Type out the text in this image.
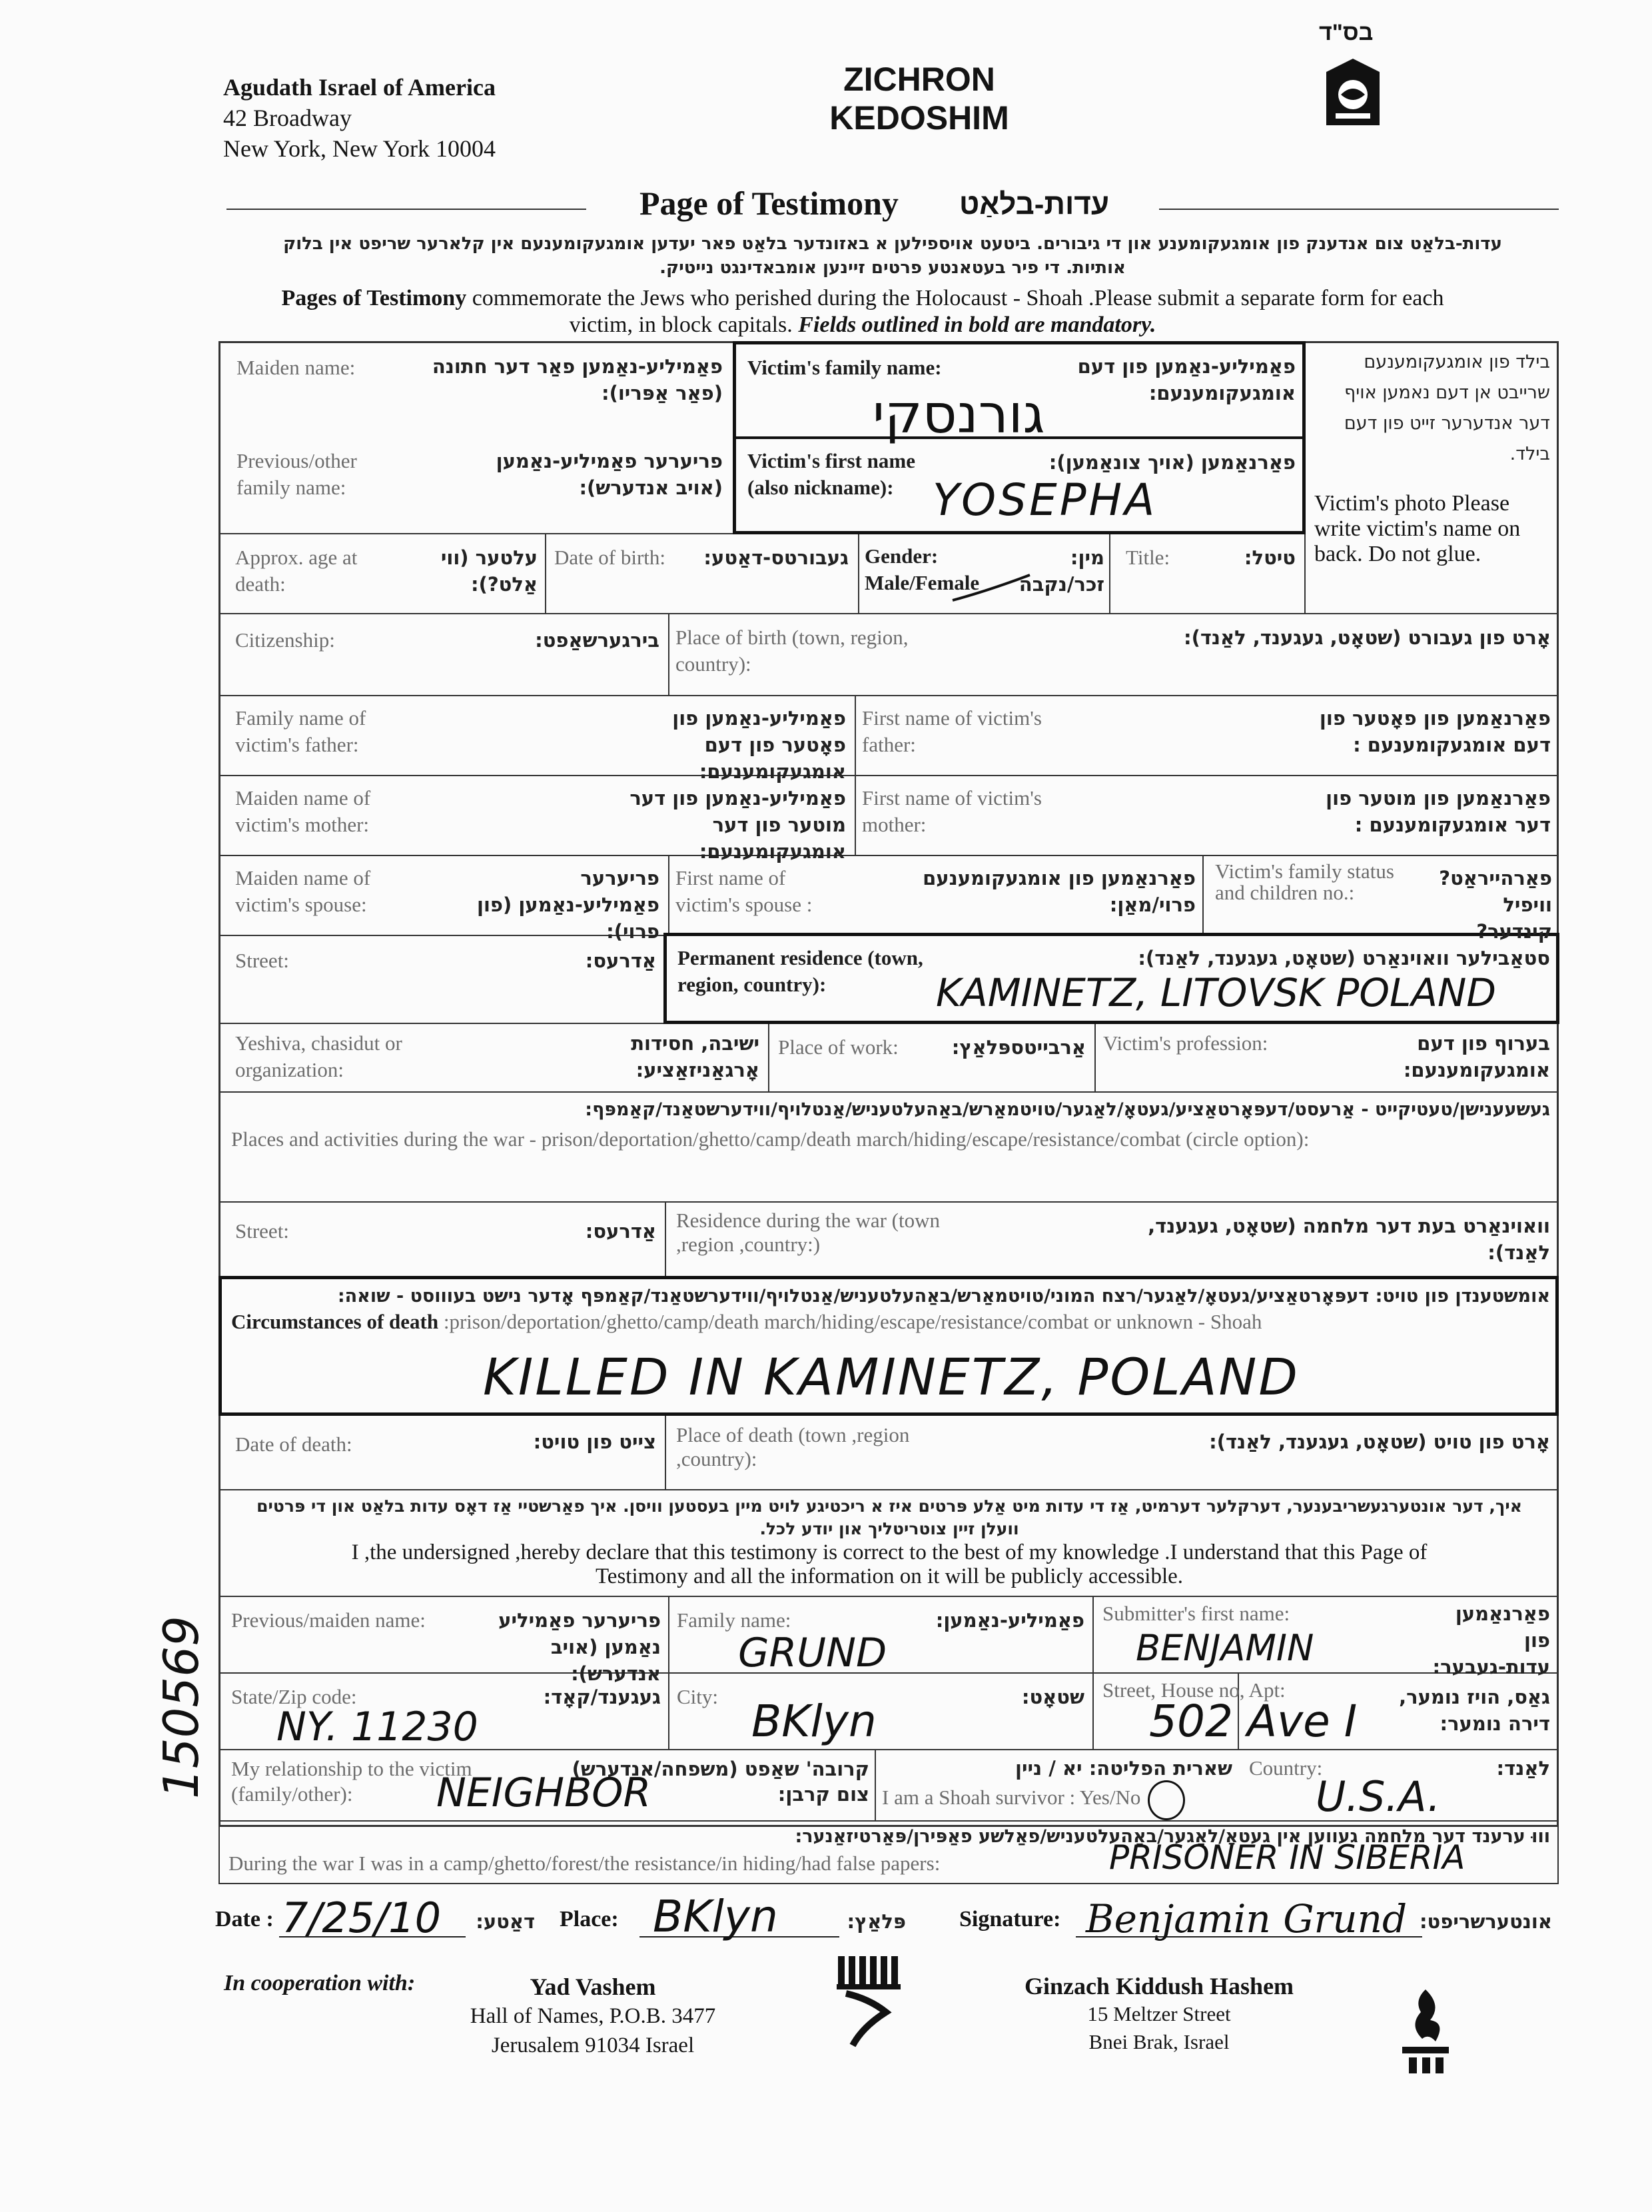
Agudath Israel of America
42 Broadway
New York, New York 10004
ZICHRON
KEDOSHIM
בס"ד
Page of Testimony עדות-בלאַט
עדות-בלאַט צום אנדענק פון אומגעקומענע און די גיבורים. ביטעט אויספילען א באזונדער בלאַט פאר יעדען אומגעקומענעם אין קלארער שריפט אין בלוק
אותיות. די פיר בעטאנטע פרטים זיינען אומבאדינגט נייטיק.
Pages of Testimony commemorate the Jews who perished during the Holocaust - Shoah .Please submit a separate form for each
victim, in block capitals. Fields outlined in bold are mandatory.
Maiden name:	פאַמיליע-נאַמען פאַר דער חתונה (פאַר אַפּריו):
Victim's family name:	פאַמיליע-נאַמען פון דעם אומגעקומענעם:
גורנסקי
Previous/other family name:
פריערער פאַמיליע-נאַמען (אויב אנדערש):
Victim's first name (also nickname):
פאַרנאַמען (אויך צונאַמען):
YOSEPHA
בילד פון אומגעקומענעם שרייבט אן דעם נאמען אויף דער אנדערער זייט פון דעם בילד.
Victim's photo Please write victim's name on back. Do not glue.
Approx. age at death:
עלטער (ווי אַלט?):
Date of birth: געבורטס-דאַטע: Gender:
Male/Female
מין: זכר/נקבה
Title:	טיטל:
Citizenship:	בירגערשאַפט: Place of birth (town, region, country):
אָרט פון געבורט (שטאָט, געגענד, לאַנד):
Family name of victim's father:
פאַמיליע-נאַמען פון פאָטער פון דעם אומגעקומענעם:
First name of victim's father:
פאַרנאַמען פון פאָטער פון דעם אומגעקומענעם :
Maiden name of victim's mother:
פאַמיליע-נאַמען פון דער מוטער פון דער אומגעקומענעם:
First name of victim's mother:
פאַרנאַמען פון מוטער פון דער אומגעקומענעם :
Maiden name of victim's spouse:
פריערער פאַמיליע-נאַמען (פון פרוי):
First name of victim's spouse :
פאַרנאַמען פון אומגעקומענעם פרוי/מאַן:
Victim's family status and children no.:
פאַרהייראַט? וויפיל קינדער?
Street:	אַדרעס: Permanent residence (town, region, country):
סטאַבילער וואוינאַרט (שטאָט, געגענד, לאַנד):
KAMINETZ, LITOVSK POLAND
Yeshiva, chasidut or organization:
ישיבה, חסידות אָרגאַניזאַציע:
Place of work:	אַרבייטספּלאַץ: Victim's profession:	בערוף פון דעם אומגעקומענעם:
געשעענישן/טעטיקייט - אַרעסט/דעפּאָרטאַציע/געטאָ/לאַגער/טויטמאַרש/באַהעלטעניש/אַנטלויף/ווידערשטאַנד/קאַמפּף:
Places and activities during the war - prison/deportation/ghetto/camp/death march/hiding/escape/resistance/combat (circle option):
Street:	אַדרעס: Residence during the war (town ,region ,country:)
וואוינאַרט בעת דער מלחמה (שטאָט, געגענד, לאַנד):
אומשטענדן פון טויט: דעפּאָרטאַציע/געטאָ/לאַגער/רצח המוני/טויטמאַרש/באַהעלטעניש/אַנטלויף/ווידערשטאַנד/קאַמפּף אָדער נישט בעוווסט - שואה:
Circumstances of death :prison/deportation/ghetto/camp/death march/hiding/escape/resistance/combat or unknown - Shoah
KILLED IN KAMINETZ, POLAND
Date of death:	צייט פון טויט: Place of death (town ,region ,country):
אָרט פון טויט (שטאָט, געגענד, לאַנד):
איך, דער אונטערגעשריבענער, דערקלער דערמיט, אַז די עדות מיט אַלע פּרטים איז א ריכטיגע לויט מיין בעסטען וויסן. איך פאַרשטיי אַז דאָס עדות בלאַט און די פּרטים
וועלן זיין צוטריטליך און יודע לכל.
I ,the undersigned ,hereby declare that this testimony is correct to the best of my knowledge .I understand that this Page of
Testimony and all the information on it will be publicly accessible.
Previous/maiden name:	פריערער פאַמיליע נאַמען (אויב אנדערש):
Family name:	פאַמיליע-נאַמען:
GRUND
Submitter's first name:	פאַרנאַמען פון עדות-געבער:
BENJAMIN
State/Zip code:	געגענד/קאָד:
NY. 11230
City:	שטאָט:
BKlyn
Street, House no, Apt:	גאַס, הויז נומער, דירה נומער:
502 Ave I
My relationship to the victim (family/other):	NEIGHBOR
קרובה' שאַפט (משפחה/אנדערש) צום קרבן:
שארית הפליטה: יא / ניין
I am a Shoah survivor : Yes/No
Country:	לאַנד:
U.S.A.
וווּ ערענד דער מלחמה געווען אין געטאָ/לאַגער/באַהעלטעניש/פאַלשע פאַפּירן/פּאַרטיזאַנער:
During the war I was in a camp/ghetto/forest/the resistance/in hiding/had false papers:	PRISONER IN SIBERIA
Date : 7/25/10	דאַטע: Place: BKlyn	פּלאַץ: Signature: Benjamin Grund אונטערשריפט:
150569
In cooperation with:	Yad Vashem
Hall of Names, P.O.B. 3477
Jerusalem 91034 Israel
Ginzach Kiddush Hashem
15 Meltzer Street
Bnei Brak, Israel
